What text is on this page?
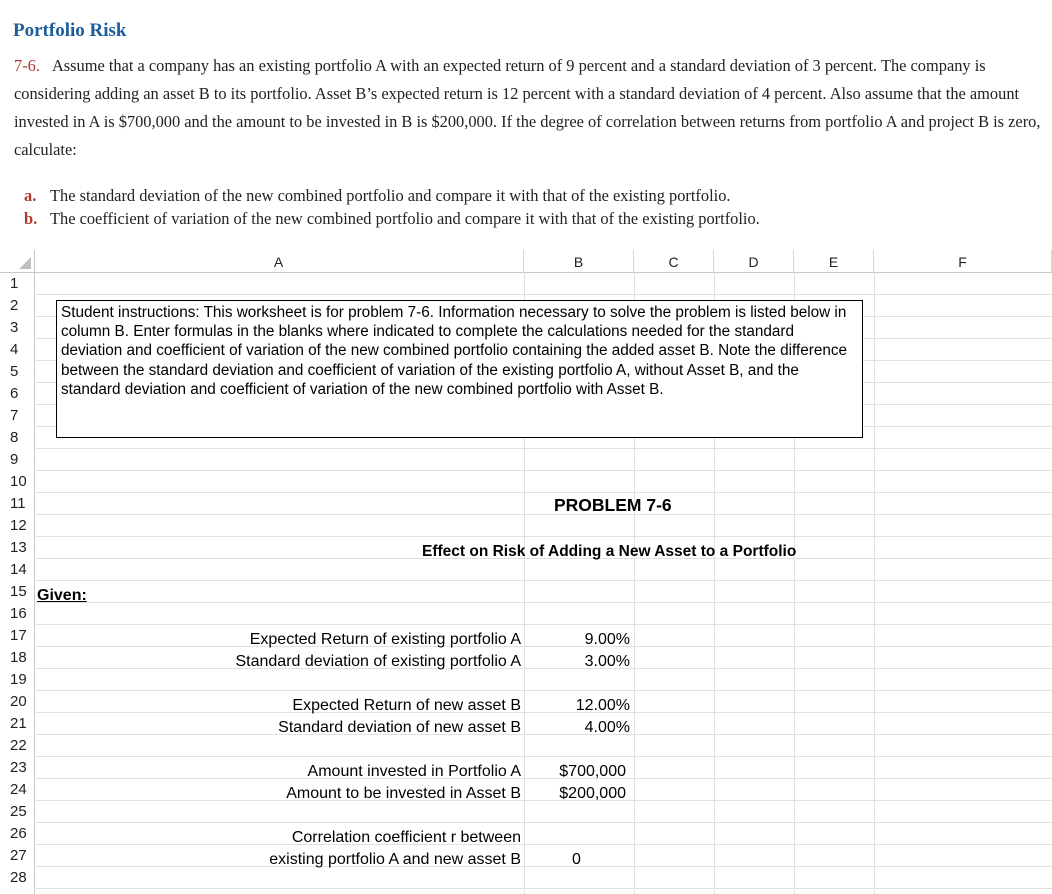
Portfolio Risk

7-6. Assume that a company has an existing portfolio A with an expected return of 9 percent and a standard deviation of 3 percent. The company is considering adding an asset B to its portfolio. Asset B’s expected return is 12 percent with a standard deviation of 4 percent. Also assume that the amount invested in A is $700,000 and the amount to be invested in B is $200,000. If the degree of correlation between returns from portfolio A and project B is zero, calculate:

a. The standard deviation of the new combined portfolio and compare it with that of the existing portfolio.
b. The coefficient of variation of the new combined portfolio and compare it with that of the existing portfolio.
A	B	C	D	E	F
1
2
3
4
5
6
7
8
9
10
11
12
13
14
15
16
17
18
19
20
21
22
23
24
25
26
27
28
Student instructions: This worksheet is for problem 7-6. Information necessary to solve the problem is listed below in column B. Enter formulas in the blanks where indicated to complete the calculations needed for the standard deviation and coefficient of variation of the new combined portfolio containing the added asset B. Note the difference between the standard deviation and coefficient of variation of the existing portfolio A, without Asset B, and the standard deviation and coefficient of variation of the new combined portfolio with Asset B.
PROBLEM 7-6
Effect on Risk of Adding a New Asset to a Portfolio
Given:
Expected Return of existing portfolio A	9.00%
Standard deviation of existing portfolio A	3.00%
Expected Return of new asset B	12.00%
Standard deviation of new asset B	4.00%
Amount invested in Portfolio A	$700,000
Amount to be invested in Asset B	$200,000
Correlation coefficient r between
existing portfolio A and new asset B	0
